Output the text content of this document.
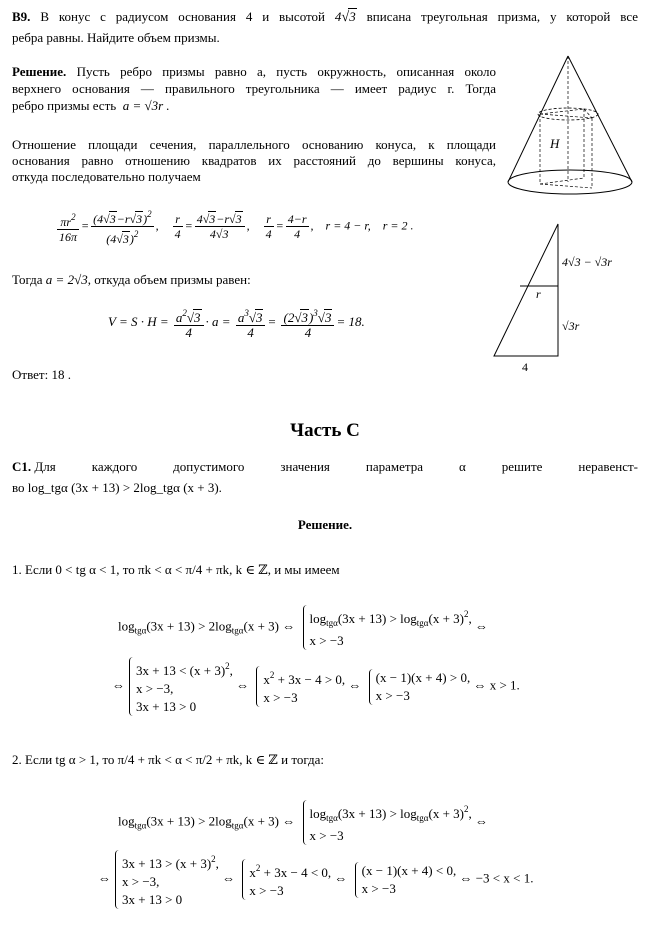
В9. В конус с радиусом основания 4 и высотой 4√3 вписана треугольная призма, у которой все
ребра равны. Найдите объем призмы.
Решение. Пусть ребро призмы равно a, пусть окружность, описанная около
верхнего основания — правильного треугольника — имеет радиус r. Тогда
ребро призмы есть a = √3r .
Отношение площади сечения, параллельного основанию конуса, к площади
основания равно отношению квадратов их расстояний до вершины конуса,
откуда последовательно получаем
$\frac{\pi r^2}{16\pi} = \frac{(4√3-r√3)^2}{(4√3)^2}$ , $\frac{r}{4} = \frac{4√3-r√3}{4√3}$ , $\frac{r}{4} = \frac{4-r}{4}$ ,    r = 4 − r,    r = 2 .
Тогда a = 2√3, откуда объем призмы равен:
$V = S \cdot H = \frac{a^2√3}{4} \cdot a = \frac{a^3√3}{4} = \frac{(2√3)^3√3}{4} = 18$.
Ответ: 18 .
H
4√3 − √3r
r
√3r
4
Часть С
С1. Для	каждого	допустимого	значения	параметра	α	решите	неравенст-
во log_tgα (3x + 13) > 2log_tgα (x + 3).
Решение.
1. Если 0 < tg α < 1, то πk < α < π/4 + πk, k ∈ ℤ, и мы имеем
$\log_{tg\alpha}(3x + 13) > 2\log_{tg\alpha}(x + 3)$ ⇔ $\log_{tg\alpha}(3x + 13) > \log_{tg\alpha}(x + 3)^2$,
x > −3
⇔
⇔
$3x + 13 < (x + 3)^2$,
x > −3,
3x + 13 > 0
⇔ $x^2 + 3x - 4 > 0$,
x > −3
⇔
(x − 1)(x + 4) > 0,
x > −3
⇔ x > 1.
2. Если tg α > 1, то π/4 + πk < α < π/2 + πk, k ∈ ℤ и тогда:
$\log_{tg\alpha}(3x + 13) > 2\log_{tg\alpha}(x + 3)$ ⇔ $\log_{tg\alpha}(3x + 13) > \log_{tg\alpha}(x + 3)^2$,
x > −3
⇔
⇔
$3x + 13 > (x + 3)^2$,
x > −3,
3x + 13 > 0
⇔ $x^2 + 3x - 4 < 0$,
x > −3
⇔
(x − 1)(x + 4) < 0,
x > −3
⇔ −3 < x < 1.
